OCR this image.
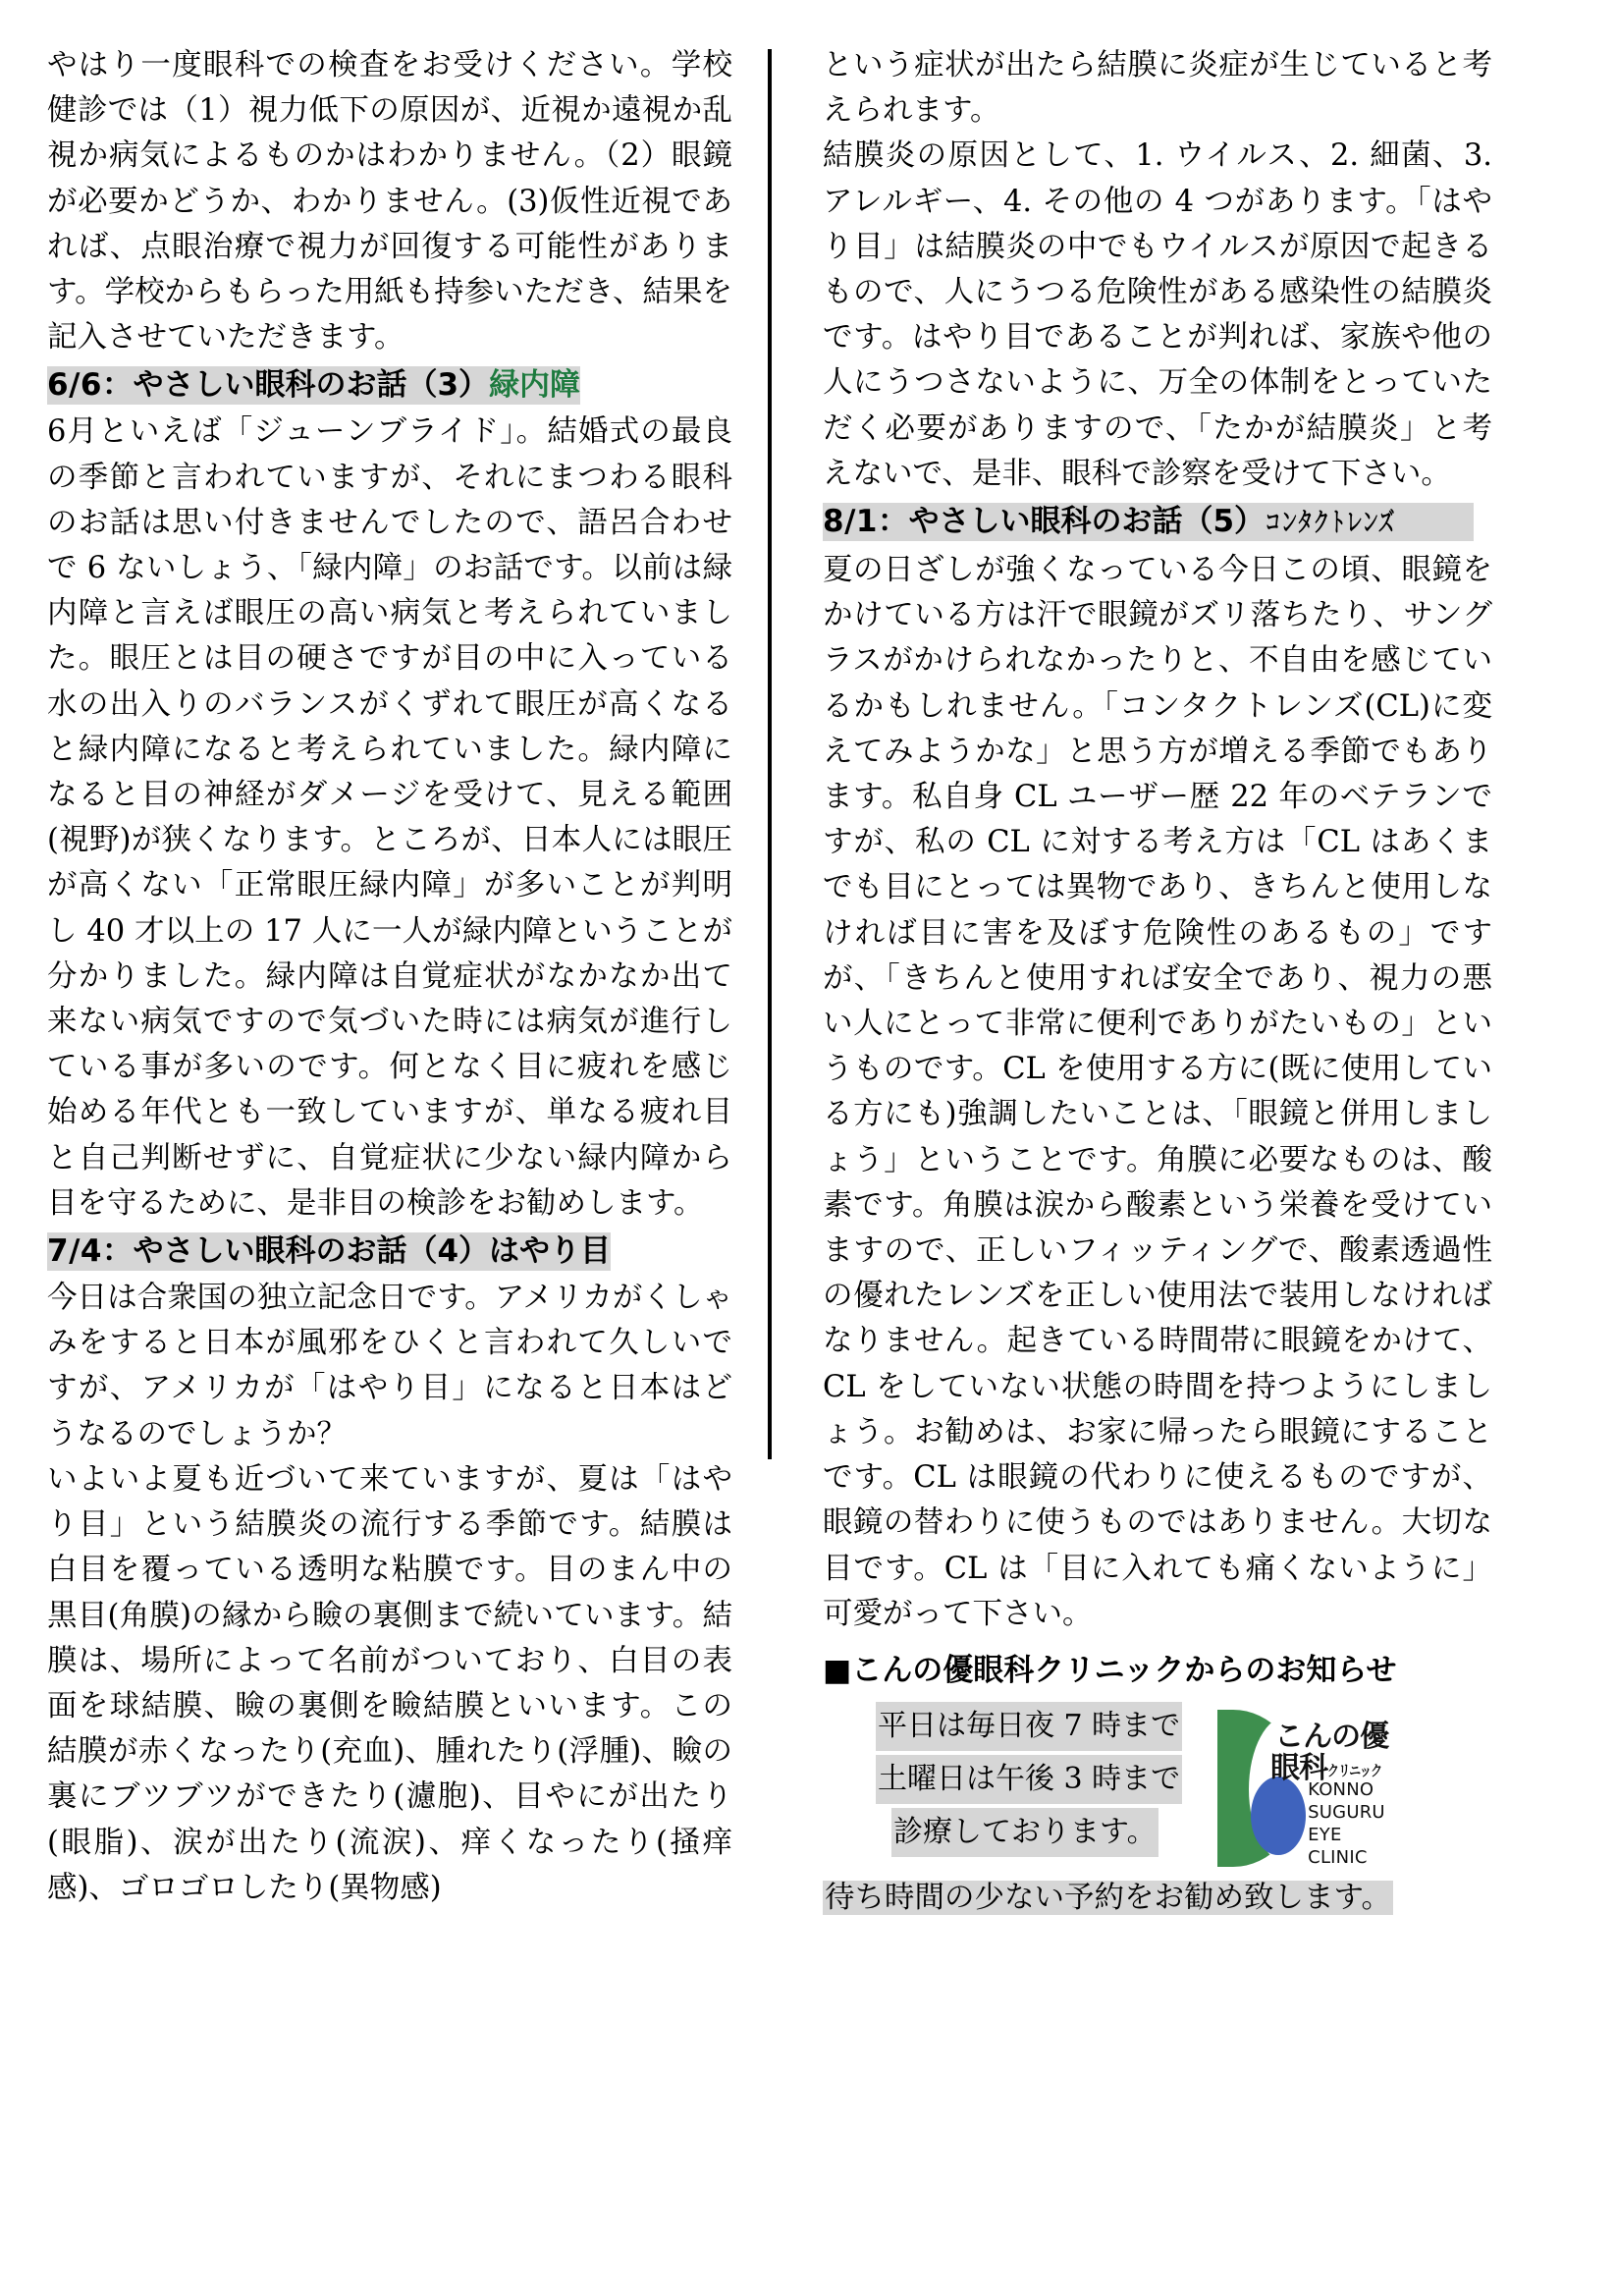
やはり一度眼科での検査をお受けください。学校健診では（1）視力低下の原因が、近視か遠視か乱視か病気によるものかはわかりません。（2）眼鏡が必要かどうか、わかりません。(3)仮性近視であれば、点眼治療で視力が回復する可能性があります。学校からもらった用紙も持参いただき、結果を記入させていただきます。

6/6：やさしい眼科のお話（3）緑内障

6月といえば「ジューンブライド」。結婚式の最良の季節と言われていますが、それにまつわる眼科のお話は思い付きませんでしたので、語呂合わせで 6 ないしょう、「緑内障」のお話です。以前は緑内障と言えば眼圧の高い病気と考えられていました。眼圧とは目の硬さですが目の中に入っている水の出入りのバランスがくずれて眼圧が高くなると緑内障になると考えられていました。緑内障になると目の神経がダメージを受けて、見える範囲(視野)が狭くなります。ところが、日本人には眼圧が高くない「正常眼圧緑内障」が多いことが判明し 40 才以上の 17 人に一人が緑内障ということが分かりました。緑内障は自覚症状がなかなか出て来ない病気ですので気づいた時には病気が進行している事が多いのです。何となく目に疲れを感じ始める年代とも一致していますが、単なる疲れ目と自己判断せずに、自覚症状に少ない緑内障から目を守るために、是非目の検診をお勧めします。

7/4：やさしい眼科のお話（4）はやり目

今日は合衆国の独立記念日です。アメリカがくしゃみをすると日本が風邪をひくと言われて久しいですが、アメリカが「はやり目」になると日本はどうなるのでしょうか？

いよいよ夏も近づいて来ていますが、夏は「はやり目」という結膜炎の流行する季節です。結膜は白目を覆っている透明な粘膜です。目のまん中の黒目(角膜)の縁から瞼の裏側まで続いています。結膜は、場所によって名前がついており、白目の表面を球結膜、瞼の裏側を瞼結膜といいます。この結膜が赤くなったり(充血)、腫れたり(浮腫)、瞼の裏にブツブツができたり(濾胞)、目やにが出たり(眼脂)、涙が出たり(流涙)、痒くなったり(掻痒感)、ゴロゴロしたり(異物感)

という症状が出たら結膜に炎症が生じていると考えられます。

結膜炎の原因として、1. ウイルス、2. 細菌、3. アレルギー、4. その他の 4 つがあります。「はやり目」は結膜炎の中でもウイルスが原因で起きるもので、人にうつる危険性がある感染性の結膜炎です。はやり目であることが判れば、家族や他の人にうつさないように、万全の体制をとっていただく必要がありますので、「たかが結膜炎」と考えないで、是非、眼科で診察を受けて下さい。

8/1：やさしい眼科のお話（5）コンタクトレンズ

夏の日ざしが強くなっている今日この頃、眼鏡をかけている方は汗で眼鏡がズリ落ちたり、サングラスがかけられなかったりと、不自由を感じているかもしれません。「コンタクトレンズ(CL)に変えてみようかな」と思う方が増える季節でもあります。私自身 CL ユーザー歴 22 年のベテランですが、私の CL に対する考え方は「CL はあくまでも目にとっては異物であり、きちんと使用しなければ目に害を及ぼす危険性のあるもの」ですが、「きちんと使用すれば安全であり、視力の悪い人にとって非常に便利でありがたいもの」というものです。CL を使用する方に(既に使用している方にも)強調したいことは、「眼鏡と併用しましょう」ということです。角膜に必要なものは、酸素です。角膜は涙から酸素という栄養を受けていますので、正しいフィッティングで、酸素透過性の優れたレンズを正しい使用法で装用しなければなりません。起きている時間帯に眼鏡をかけて、CL をしていない状態の時間を持つようにしましょう。お勧めは、お家に帰ったら眼鏡にすることです。CL は眼鏡の代わりに使えるものですが、眼鏡の替わりに使うものではありません。大切な目です。CL は「目に入れても痛くないように」可愛がって下さい。

■こんの優眼科クリニックからのお知らせ
平日は毎日夜 7 時まで
土曜日は午後 3 時まで
診療しております。
こんの優
眼科クリニック
KONNO
SUGURU
EYE
CLINIC
待ち時間の少ない予約をお勧め致します。
